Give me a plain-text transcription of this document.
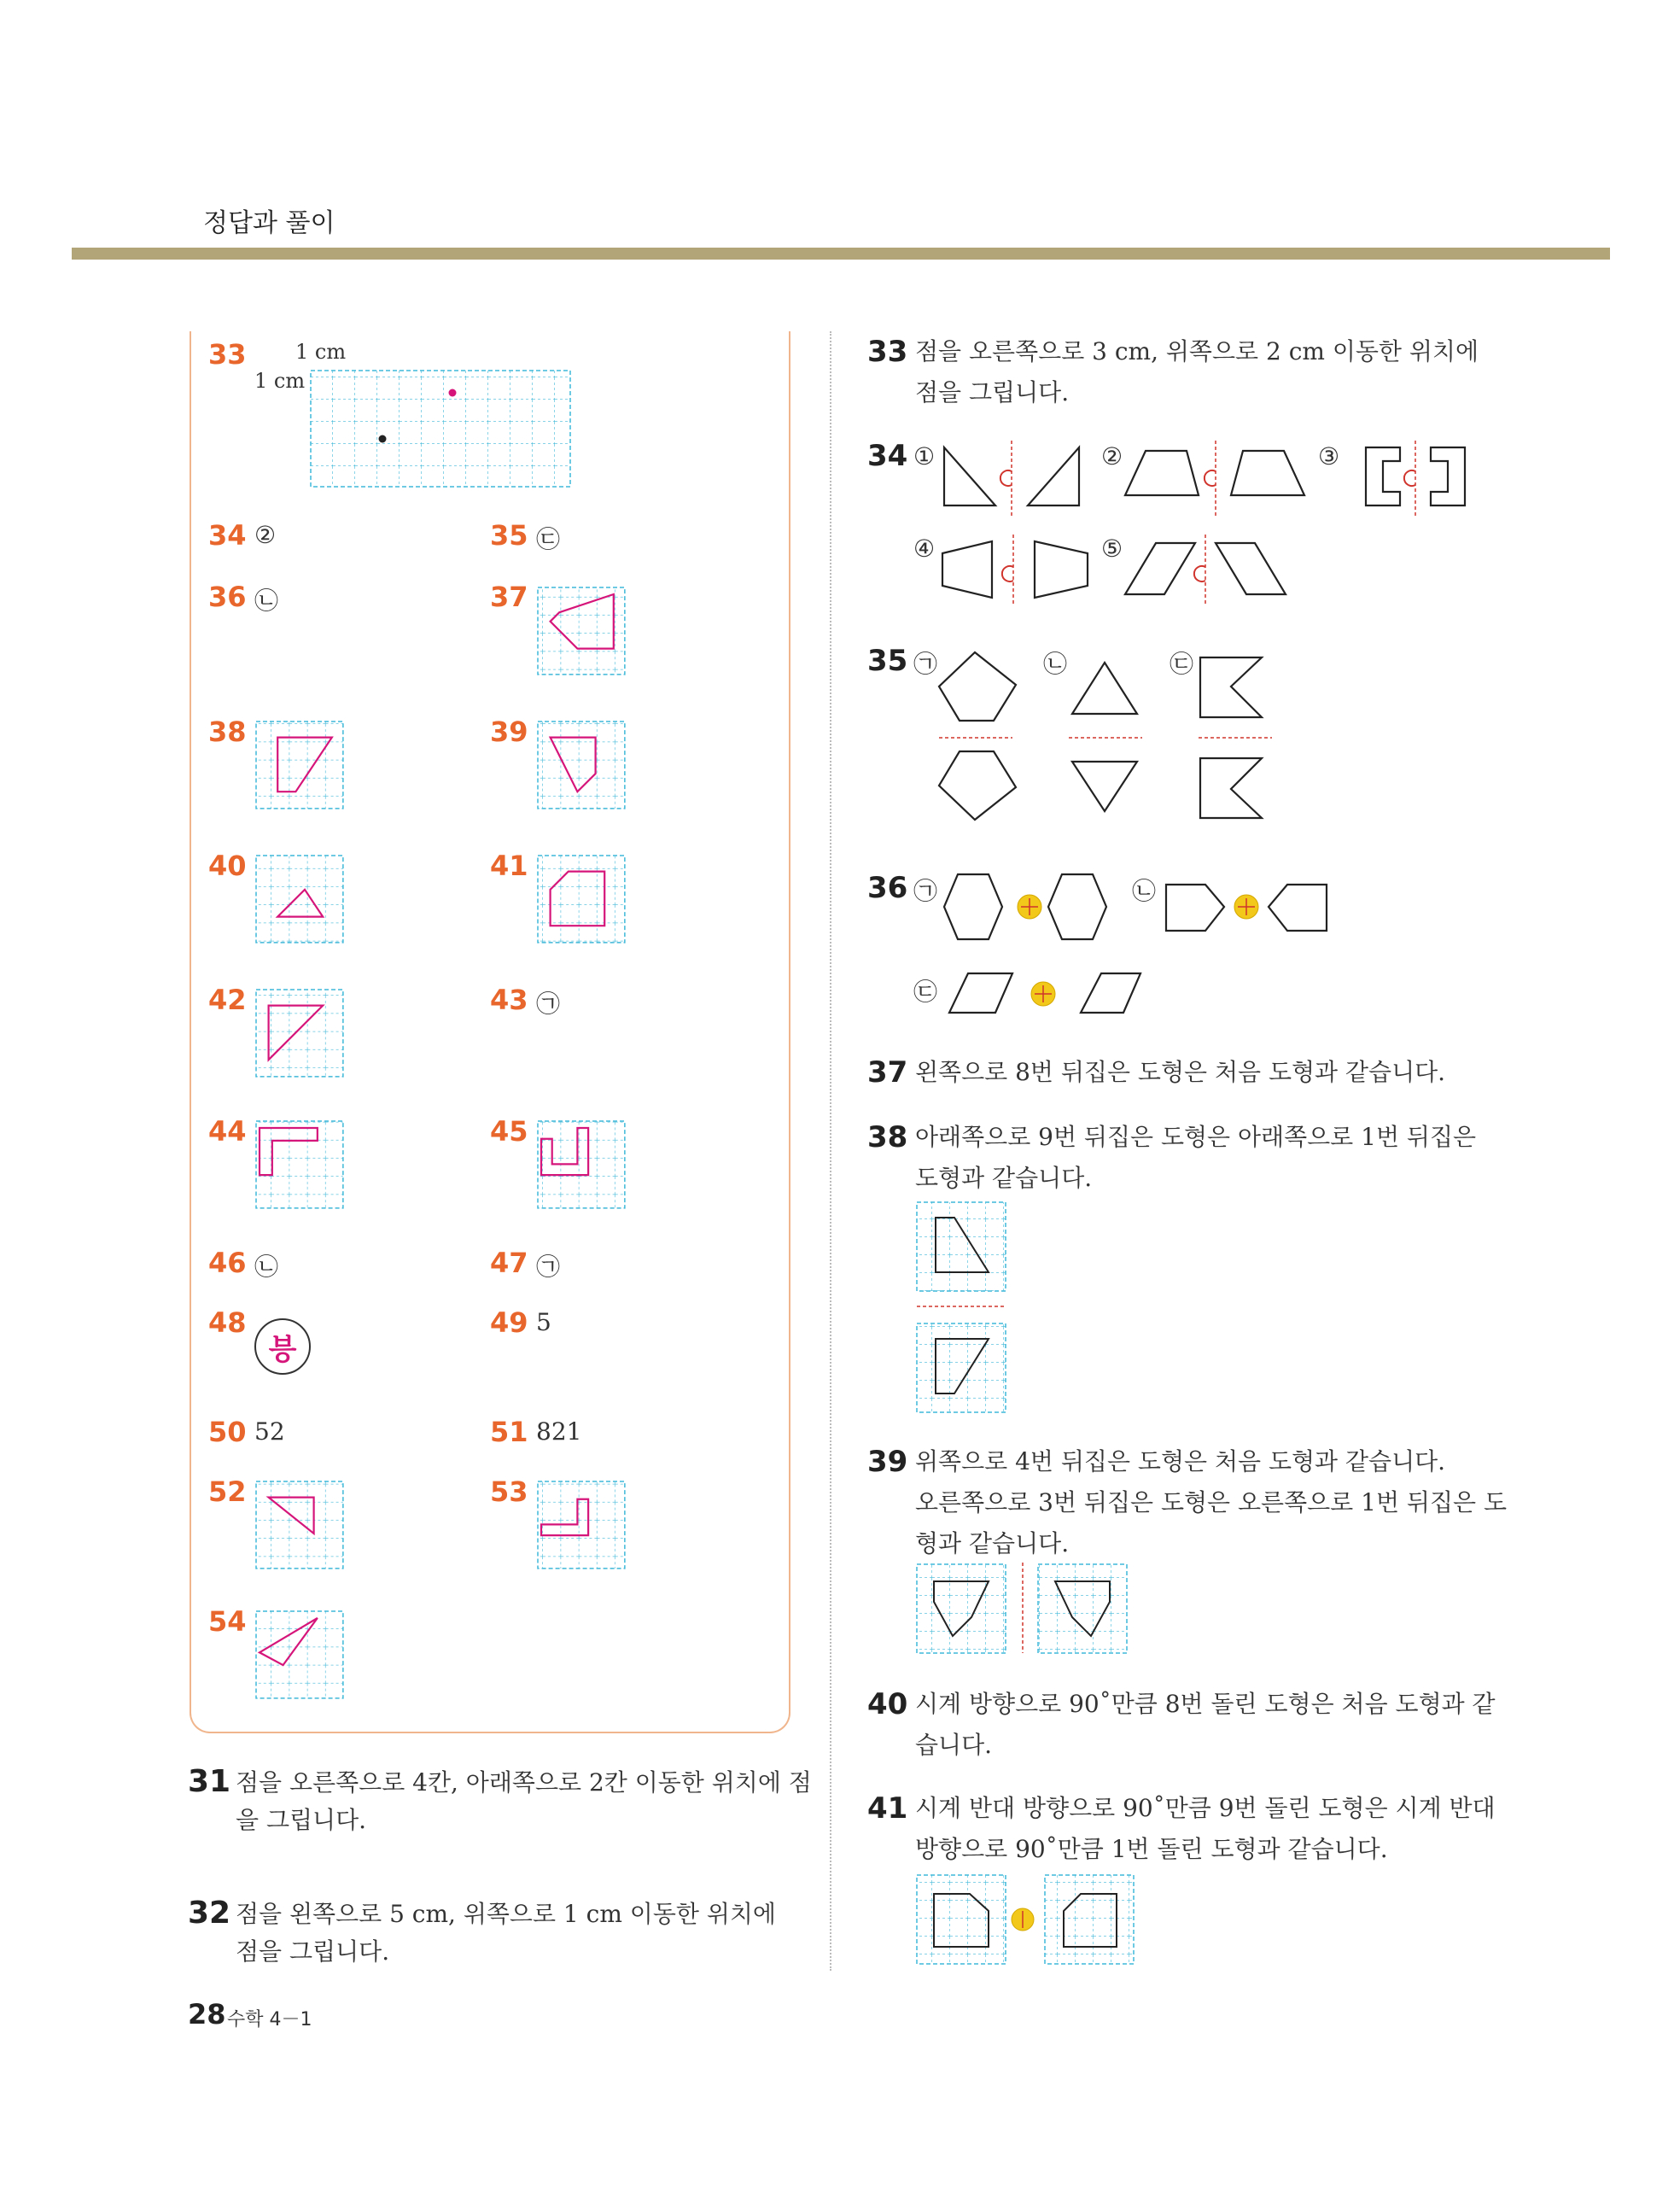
정답과 풀이
33
34 ②	35 ㉢
36 ㉡	37
38	39
40	41
42	43 ㉠
44	45
46 ㉡	47 ㉠
48	49 5
50 52	51 821
52	53
54
1 cm
1 cm
븡
31 점을 오른쪽으로 4칸, 아래쪽으로 2칸 이동한 위치에 점
을 그립니다.
32 점을 왼쪽으로 5 cm, 위쪽으로 1 cm 이동한 위치에
점을 그립니다.
33 점을 오른쪽으로 3 cm, 위쪽으로 2 cm 이동한 위치에
점을 그립니다.
34
35
36
①	②	③
④	⑤
㉠	㉡	㉢
㉠	㉡
㉢
37 왼쪽으로 8번 뒤집은 도형은 처음 도형과 같습니다.
38 아래쪽으로 9번 뒤집은 도형은 아래쪽으로 1번 뒤집은
도형과 같습니다.
39 위쪽으로 4번 뒤집은 도형은 처음 도형과 같습니다.
오른쪽으로 3번 뒤집은 도형은 오른쪽으로 1번 뒤집은 도
형과 같습니다.
40 시계 방향으로 90˚만큼 8번 돌린 도형은 처음 도형과 같
습니다.
41 시계 반대 방향으로 90˚만큼 9번 돌린 도형은 시계 반대
방향으로 90˚만큼 1번 돌린 도형과 같습니다.
28 수학 4－1
